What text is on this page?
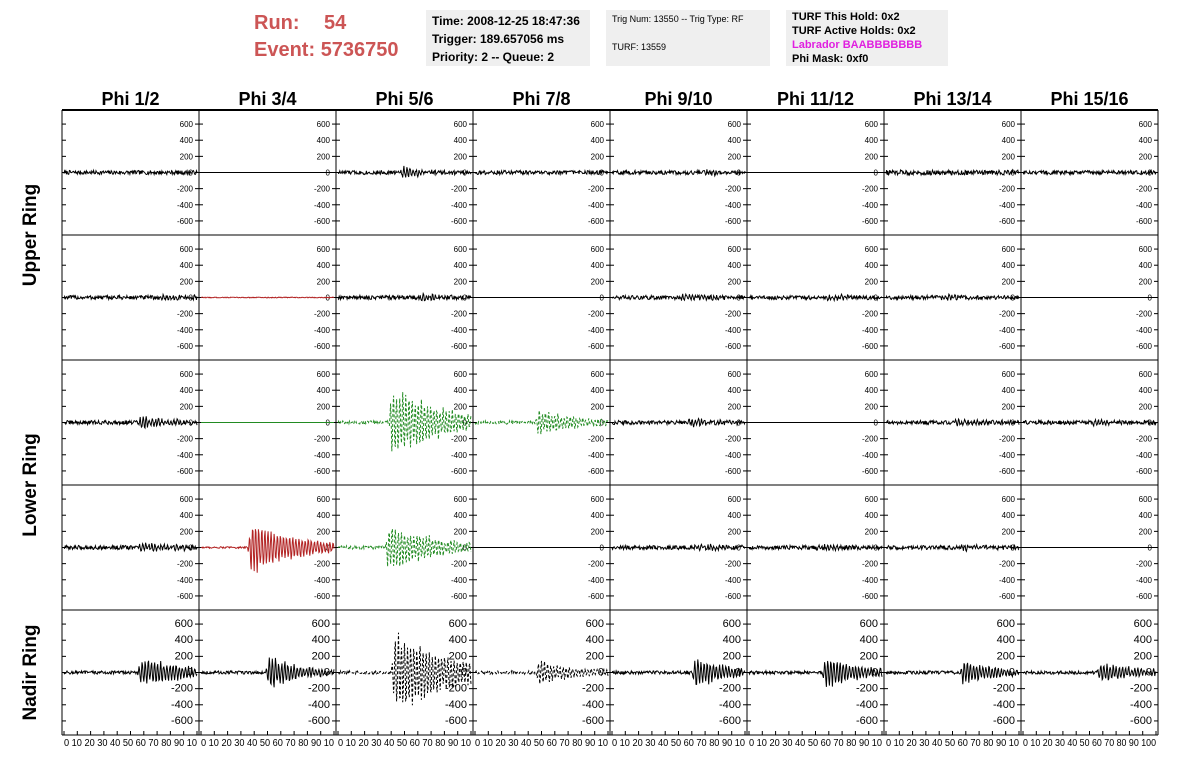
Run: 54
Event: 5736750
Time: 2008-12-25 18:47:36
Trigger: 189.657056 ms
Priority: 2 -- Queue: 2
Trig Num: 13550 -- Trig Type: RF
TURF: 13559
TURF This Hold: 0x2
TURF Active Holds: 0x2
Labrador BAABBBBBBB
Phi Mask: 0xf0
Phi 1/2	Phi 3/4	Phi 5/6	Phi 7/8	Phi 9/10	Phi 11/12	Phi 13/14	Phi 15/16
Upper Ring
Lower Ring
Nadir Ring
600
400
200
0
-200
-400
-600
600
400
200
0
-200
-400
-600
600
400
200
0
-200
-400
-600
600
400
200
0
-200
-400
-600
600
400
200
0
-200
-400
-600
600
400
200
0
-200
-400
-600
600
400
200
0
-200
-400
-600
600
400
200
0
-200
-400
-600
600
400
200
0
-200
-400
-600
600
400
200
0
-200
-400
-600
600
400
200
0
-200
-400
-600
600
400
200
0
-200
-400
-600
600
400
200
0
-200
-400
-600
600
400
200
0
-200
-400
-600
600
400
200
0
-200
-400
-600
600
400
200
0
-200
-400
-600
600
400
200
0
-200
-400
-600
600
400
200
0
-200
-400
-600
600
400
200
0
-200
-400
-600
600
400
200
0
-200
-400
-600
600
400
200
0
-200
-400
-600
600
400
200
0
-200
-400
-600
600
400
200
0
-200
-400
-600
600
400
200
0
-200
-400
-600
600
400
200
0
-200
-400
-600
600
400
200
0
-200
-400
-600
600
400
200
0
-200
-400
-600
600
400
200
0
-200
-400
-600
600
400
200
0
-200
-400
-600
600
400
200
0
-200
-400
-600
600
400
200
0
-200
-400
-600
600
400
200
0
-200
-400
-600
600
400
200
0
-200
-400
-600
600
400
200
0
-200
-400
-600
600
400
200
0
-200
-400
-600
600
400
200
0
-200
-400
-600
600
400
200
0
-200
-400
-600
600
400
200
0
-200
-400
-600
600
400
200
0
-200
-400
-600
600
400
200
0
-200
-400
-600
0 10 20 30 40 50 60 70 80 90 10 0 10 20 30 40 50 60 70 80 90 10 0 10 20 30 40 50 60 70 80 90 10 0 10 20 30 40 50 60 70 80 90 10 0 10 20 30 40 50 60 70 80 90 10 0 10 20 30 40 50 60 70 80 90 10 0 10 20 30 40 50 60 70 80 90 10 0 10 20 30 40 50 60 70 80 90 100
